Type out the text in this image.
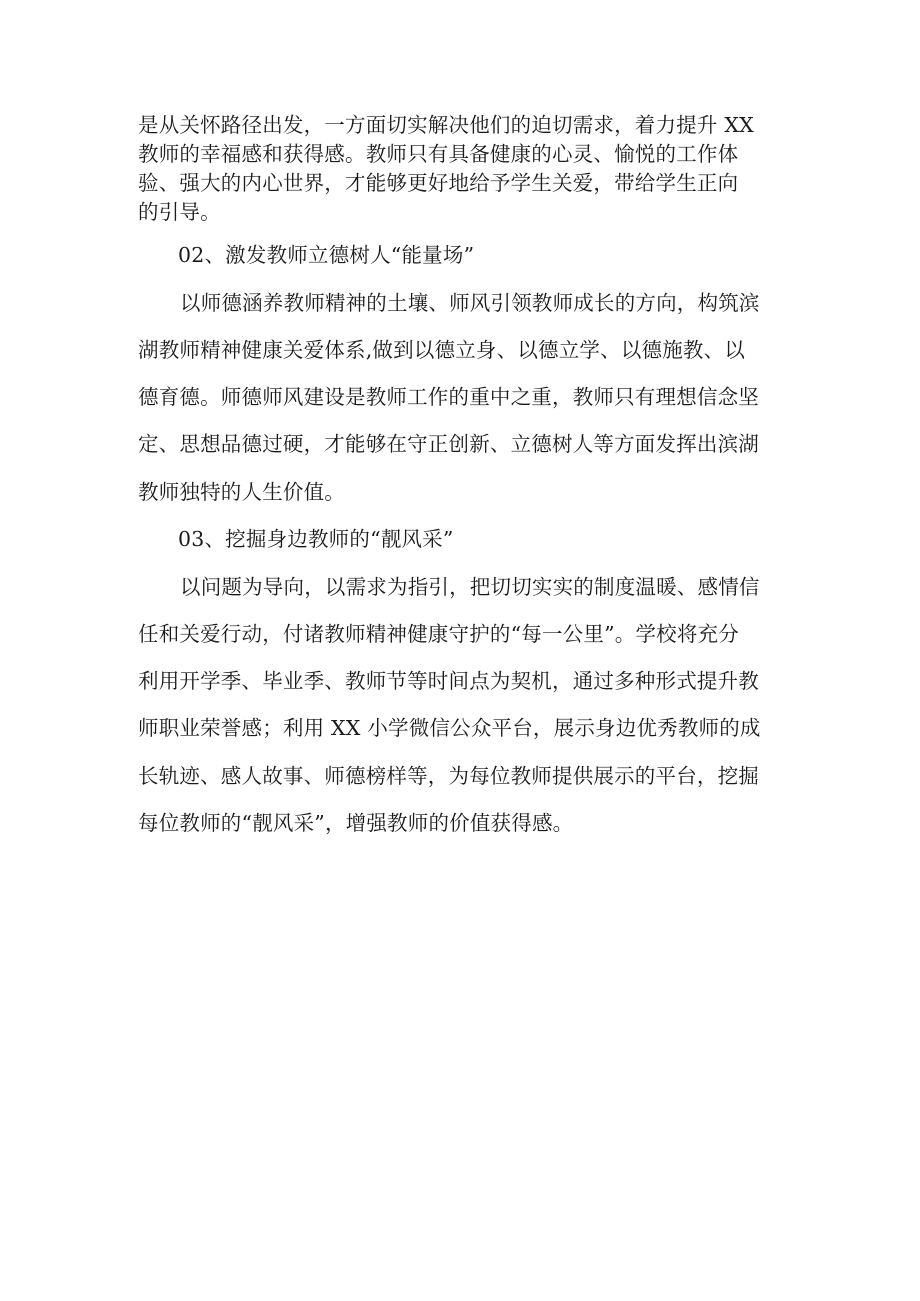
是从关怀路径出发，一方面切实解决他们的迫切需求，着力提升 XX
教师的幸福感和获得感。教师只有具备健康的心灵、愉悦的工作体
验、强大的内心世界，才能够更好地给予学生关爱，带给学生正向
的引导。
02、激发教师立德树人“能量场”
以师德涵养教师精神的土壤、师风引领教师成长的方向，构筑滨
湖教师精神健康关爱体系,做到以德立身、以德立学、以德施教、以
德育德。师德师风建设是教师工作的重中之重，教师只有理想信念坚
定、思想品德过硬，才能够在守正创新、立德树人等方面发挥出滨湖
教师独特的人生价值。
03、挖掘身边教师的“靓风采”
以问题为导向，以需求为指引，把切切实实的制度温暖、感情信
任和关爱行动，付诸教师精神健康守护的“每一公里”。学校将充分
利用开学季、毕业季、教师节等时间点为契机，通过多种形式提升教
师职业荣誉感；利用 XX 小学微信公众平台，展示身边优秀教师的成
长轨迹、感人故事、师德榜样等，为每位教师提供展示的平台，挖掘
每位教师的“靓风采”，增强教师的价值获得感。
